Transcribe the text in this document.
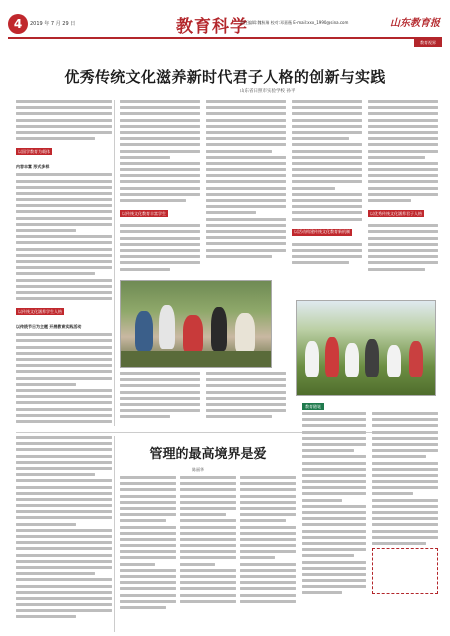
4	2019 年 7 月 29 日	教育科学
责任编辑:魏秋瑞 校对:邓嘉薇 E-mail:xxx_1990@sina.com	山东教育报
教育视界
优秀传统文化滋养新时代君子人格的创新与实践
山东省日照市实验学校 孙平
以国学教育为载体
内容丰富 形式多样
以传统文化涵养学生人格
以传统节日为主题 开展教育实践活动
以传统文化教育丰富学生
以活动构建传统文化教育新机制
以优秀传统文化涵养君子人格
教育随笔
管理的最高境界是爱
陈丽华
